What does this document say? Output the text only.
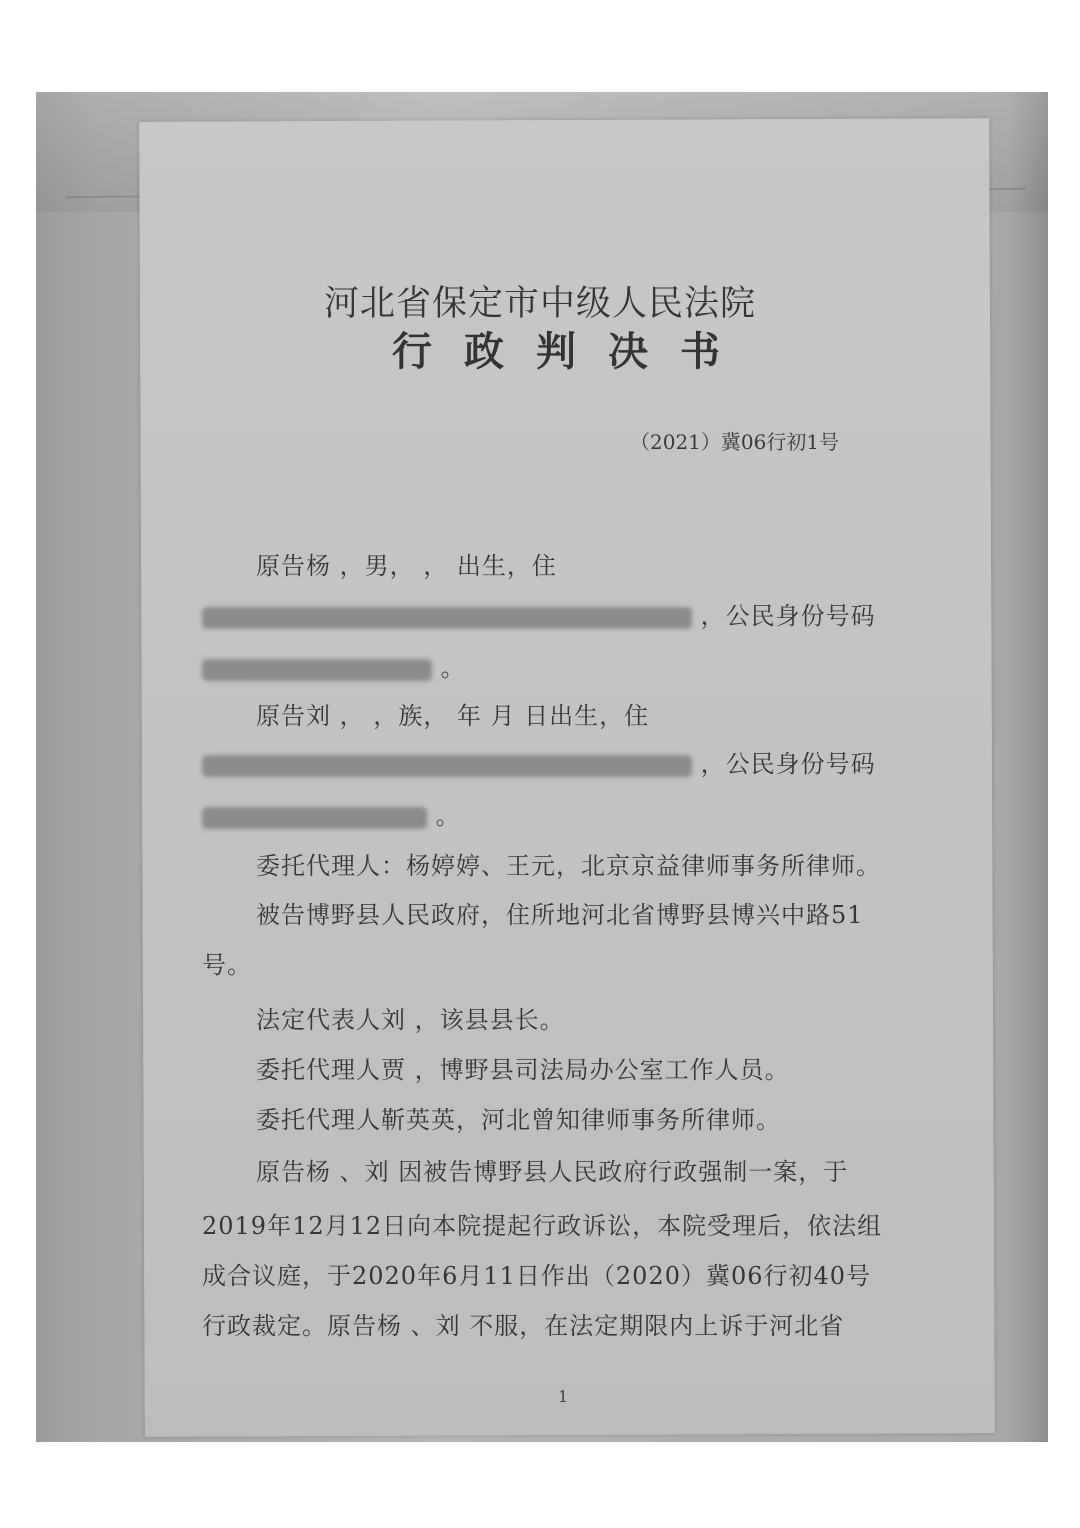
河北省保定市中级人民法院
行政判决书
（2021）冀06行初1号
原告杨 ，男， ， 出生，住
，公民身份号码
。
原告刘 ， ，族， 年 月 日出生，住
，公民身份号码
。
委托代理人：杨婷婷、王元，北京京益律师事务所律师。
被告博野县人民政府，住所地河北省博野县博兴中路51
号。
法定代表人刘 ，该县县长。
委托代理人贾 ，博野县司法局办公室工作人员。
委托代理人靳英英，河北曾知律师事务所律师。
原告杨 、刘 因被告博野县人民政府行政强制一案，于
2019年12月12日向本院提起行政诉讼，本院受理后，依法组
成合议庭，于2020年6月11日作出（2020）冀06行初40号
行政裁定。原告杨 、刘 不服，在法定期限内上诉于河北省
1
